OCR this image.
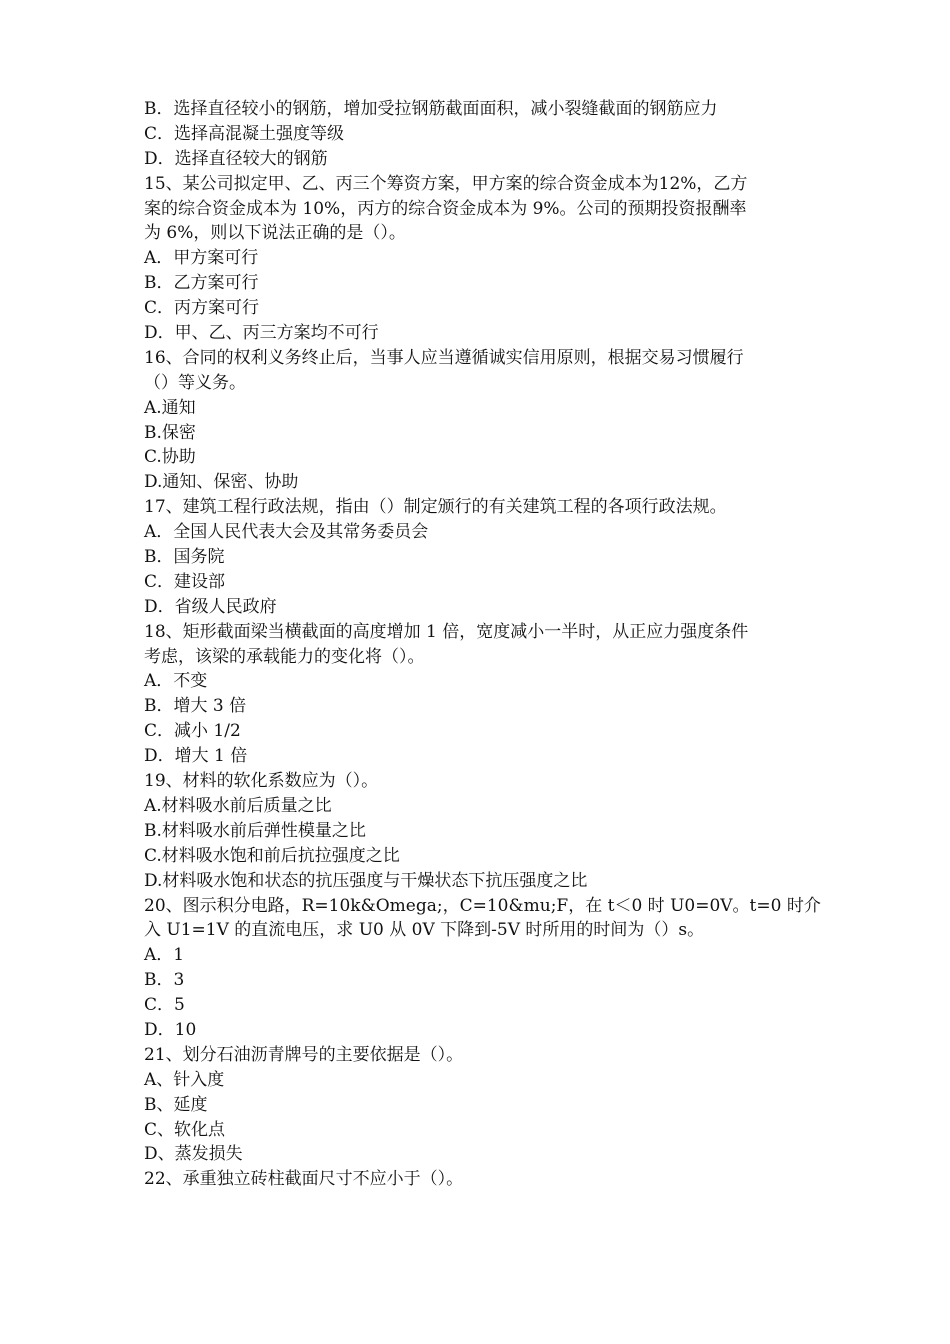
B．选择直径较小的钢筋，增加受拉钢筋截面面积，减小裂缝截面的钢筋应力
C．选择高混凝土强度等级
D．选择直径较大的钢筋
15、某公司拟定甲、乙、丙三个筹资方案，甲方案的综合资金成本为12%，乙方
案的综合资金成本为 10%，丙方的综合资金成本为 9%。公司的预期投资报酬率
为 6%，则以下说法正确的是（）。
A．甲方案可行
B．乙方案可行
C．丙方案可行
D．甲、乙、丙三方案均不可行
16、合同的权利义务终止后，当事人应当遵循诚实信用原则，根据交易习惯履行
（）等义务。
A.通知
B.保密
C.协助
D.通知、保密、协助
17、建筑工程行政法规，指由（）制定颁行的有关建筑工程的各项行政法规。
A．全国人民代表大会及其常务委员会
B．国务院
C．建设部
D．省级人民政府
18、矩形截面梁当横截面的高度增加 1 倍，宽度减小一半时，从正应力强度条件
考虑，该梁的承载能力的变化将（）。
A．不变
B．增大 3 倍
C．减小 1/2
D．增大 1 倍
19、材料的软化系数应为（）。
A.材料吸水前后质量之比
B.材料吸水前后弹性模量之比
C.材料吸水饱和前后抗拉强度之比
D.材料吸水饱和状态的抗压强度与干燥状态下抗压强度之比
20、图示积分电路，R=10k&Omega;，C=10&mu;F，在 t＜0 时 U0=0V。t=0 时介
入 U1=1V 的直流电压，求 U0 从 0V 下降到-5V 时所用的时间为（）s。
A．1
B．3
C．5
D．10
21、划分石油沥青牌号的主要依据是（）。
A、针入度
B、延度
C、软化点
D、蒸发损失
22、承重独立砖柱截面尺寸不应小于（）。
